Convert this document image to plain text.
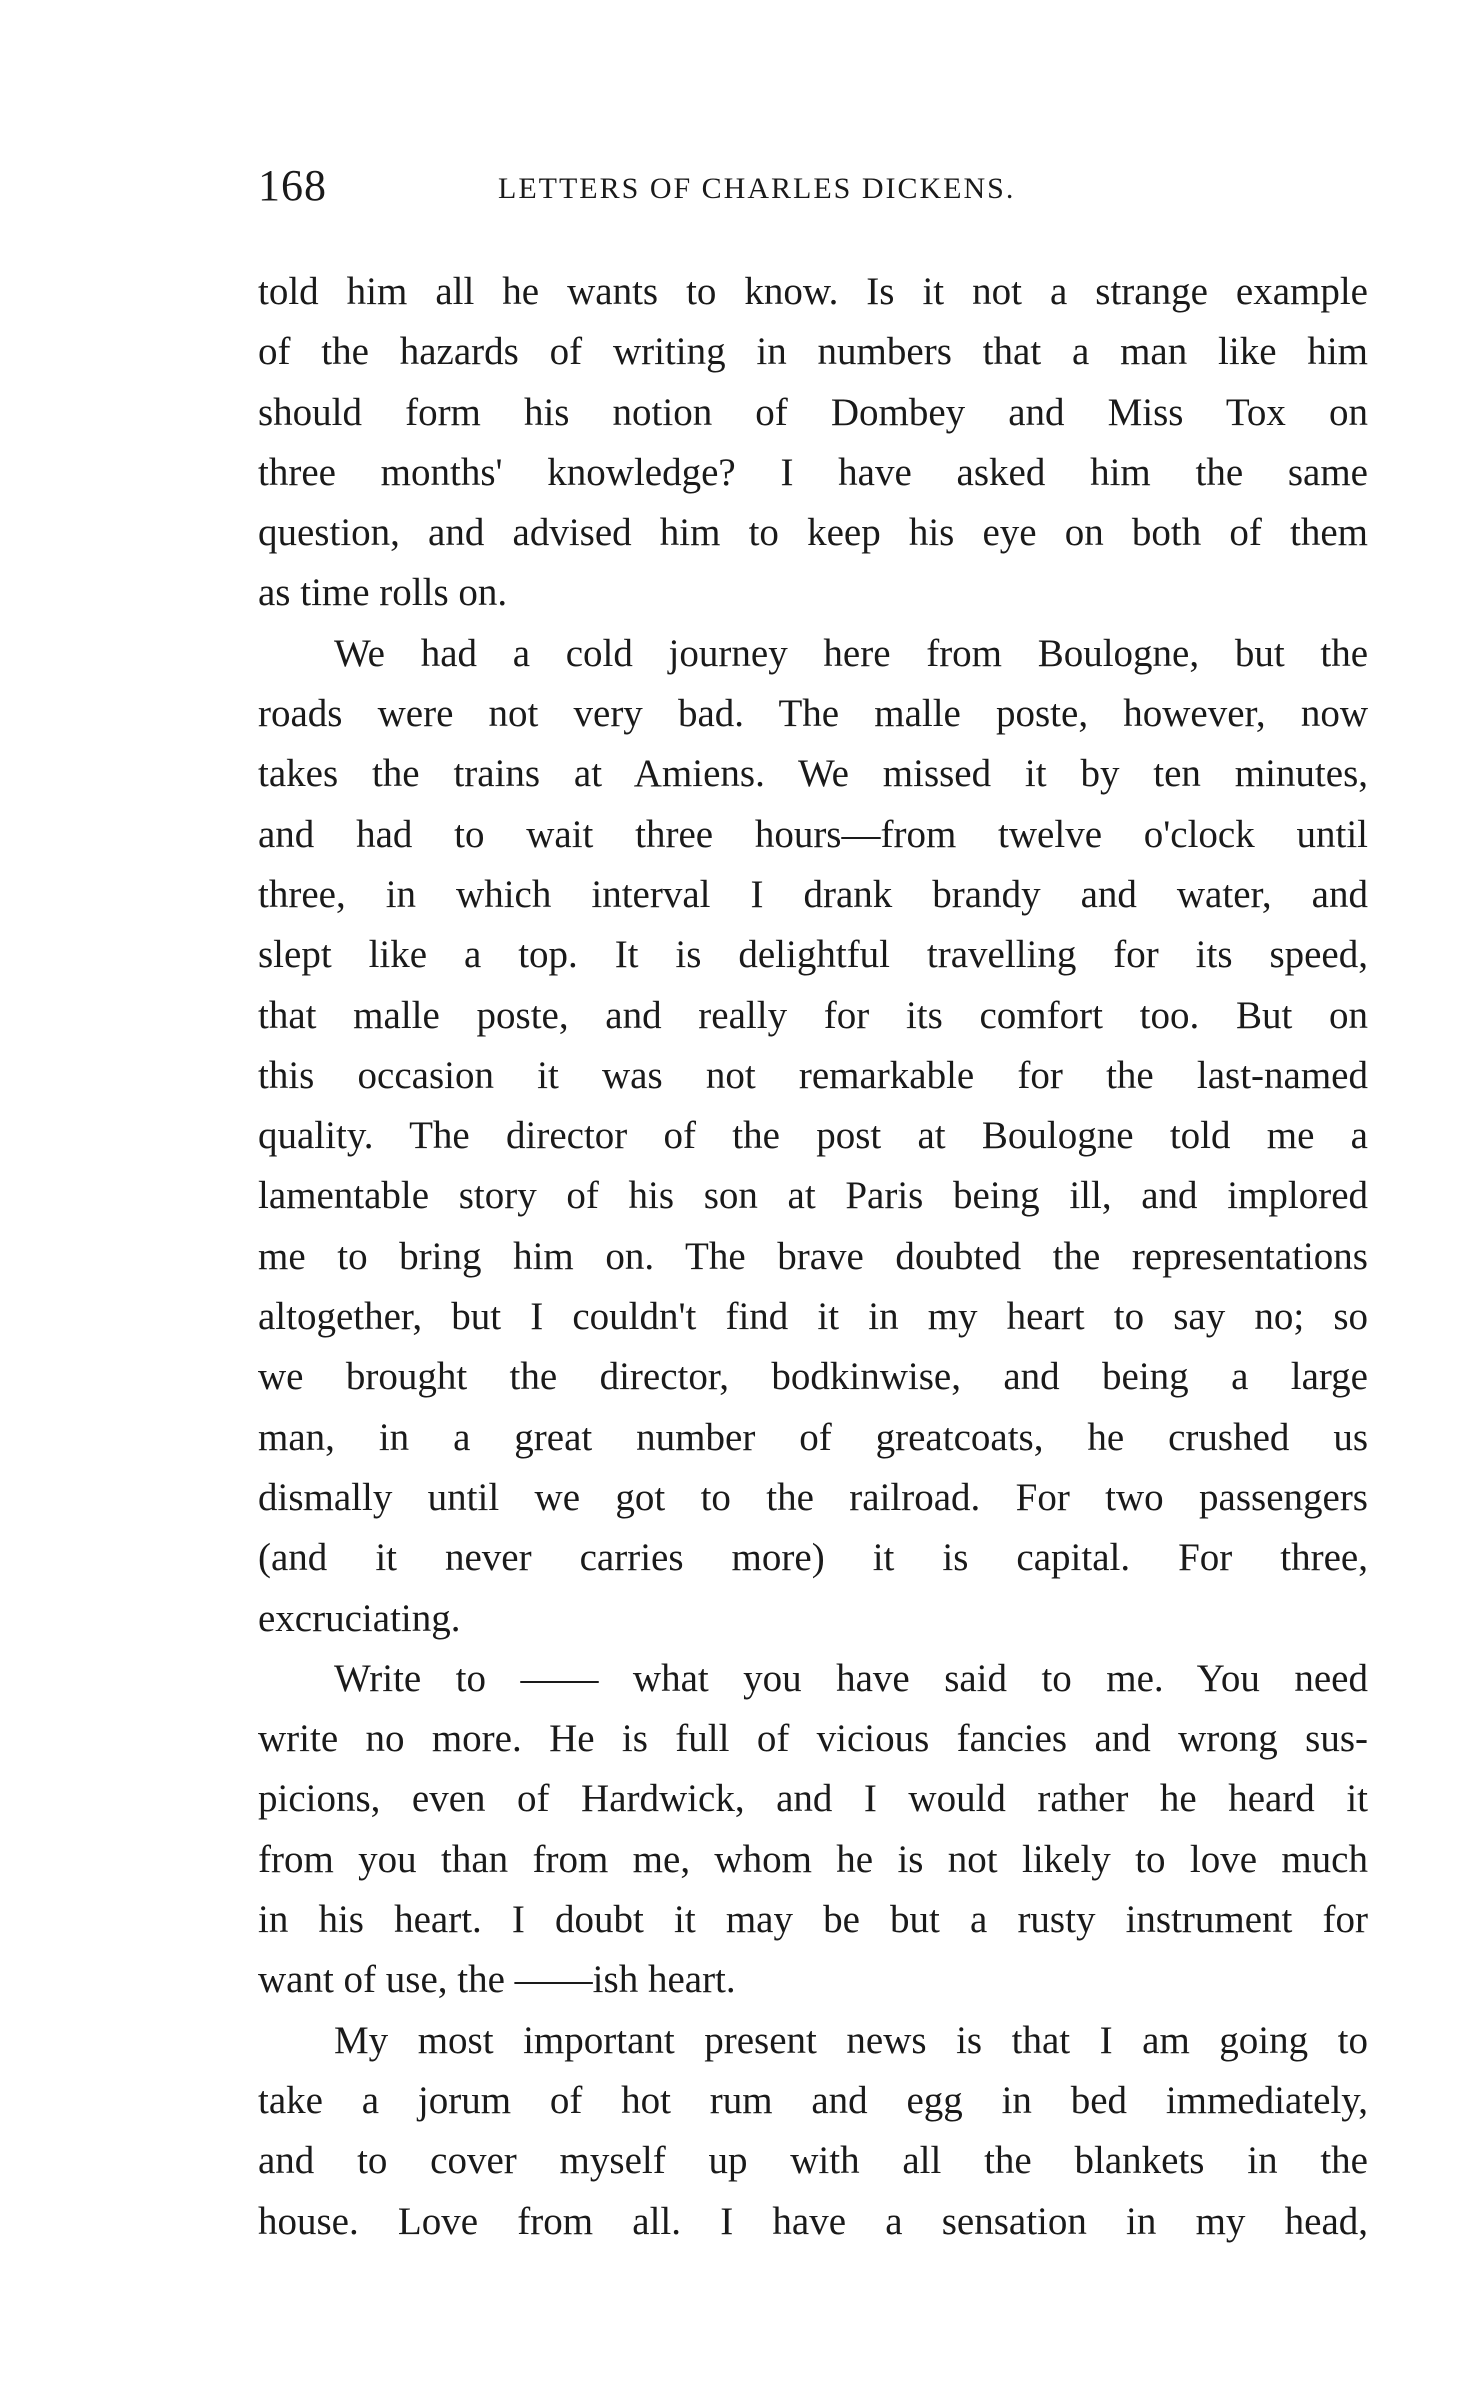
168	LETTERS OF CHARLES DICKENS.
told him all he wants to know. Is it not a strange example
of the hazards of writing in numbers that a man like him
should form his notion of Dombey and Miss Tox on
three months' knowledge? I have asked him the same
question, and advised him to keep his eye on both of them
as time rolls on.
We had a cold journey here from Boulogne, but the
roads were not very bad. The malle poste, however, now
takes the trains at Amiens. We missed it by ten minutes,
and had to wait three hours—from twelve o'clock until
three, in which interval I drank brandy and water, and
slept like a top. It is delightful travelling for its speed,
that malle poste, and really for its comfort too. But on
this occasion it was not remarkable for the last-named
quality. The director of the post at Boulogne told me a
lamentable story of his son at Paris being ill, and implored
me to bring him on. The brave doubted the representations
altogether, but I couldn't find it in my heart to say no; so
we brought the director, bodkinwise, and being a large
man, in a great number of greatcoats, he crushed us
dismally until we got to the railroad. For two passengers
(and it never carries more) it is capital. For three,
excruciating.
Write to —— what you have said to me. You need
write no more. He is full of vicious fancies and wrong sus-
picions, even of Hardwick, and I would rather he heard it
from you than from me, whom he is not likely to love much
in his heart. I doubt it may be but a rusty instrument for
want of use, the ——ish heart.
My most important present news is that I am going to
take a jorum of hot rum and egg in bed immediately,
and to cover myself up with all the blankets in the
house. Love from all. I have a sensation in my head,
